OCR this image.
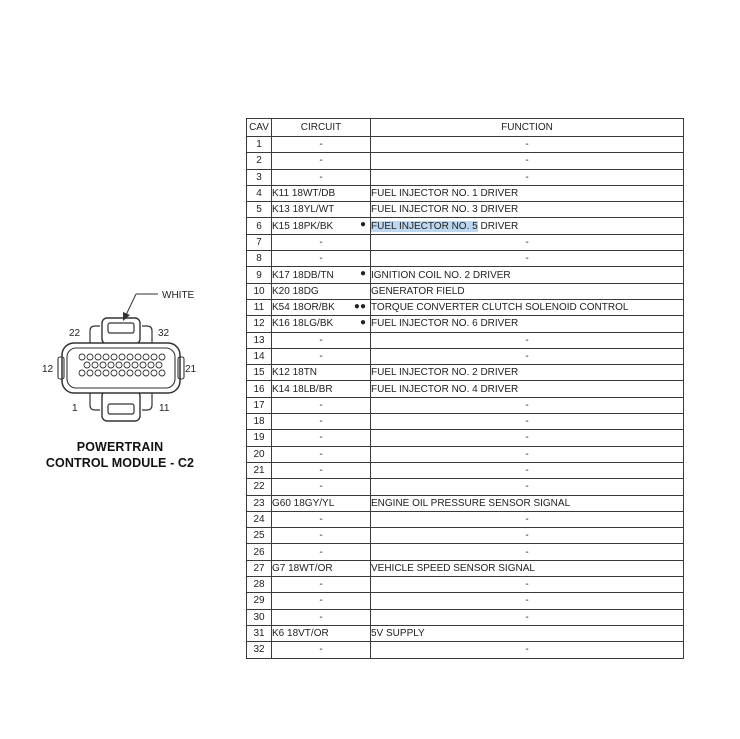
WHITE
22	32
12	21
1	11
POWERTRAIN
CONTROL MODULE - C2
CAV	CIRCUIT	FUNCTION
1	-	-
2	-	-
3	-	-
4	K11 18WT/DB	FUEL INJECTOR NO. 1 DRIVER
5	K13 18YL/WT	FUEL INJECTOR NO. 3 DRIVER
6	K15 18PK/BK ●	FUEL INJECTOR NO. 5 DRIVER
7	-	-
8	-	-
9	K17 18DB/TN ●	IGNITION COIL NO. 2 DRIVER
10	K20 18DG	GENERATOR FIELD
11	K54 18OR/BK ●●	TORQUE CONVERTER CLUTCH SOLENOID CONTROL
12	K16 18LG/BK ●	FUEL INJECTOR NO. 6 DRIVER
13	-	-
14	-	-
15	K12 18TN	FUEL INJECTOR NO. 2 DRIVER
16	K14 18LB/BR	FUEL INJECTOR NO. 4 DRIVER
17	-	-
18	-	-
19	-	-
20	-	-
21	-	-
22	-	-
23	G60 18GY/YL	ENGINE OIL PRESSURE SENSOR SIGNAL
24	-	-
25	-	-
26	-	-
27	G7 18WT/OR	VEHICLE SPEED SENSOR SIGNAL
28	-	-
29	-	-
30	-	-
31	K6 18VT/OR	5V SUPPLY
32	-	-
